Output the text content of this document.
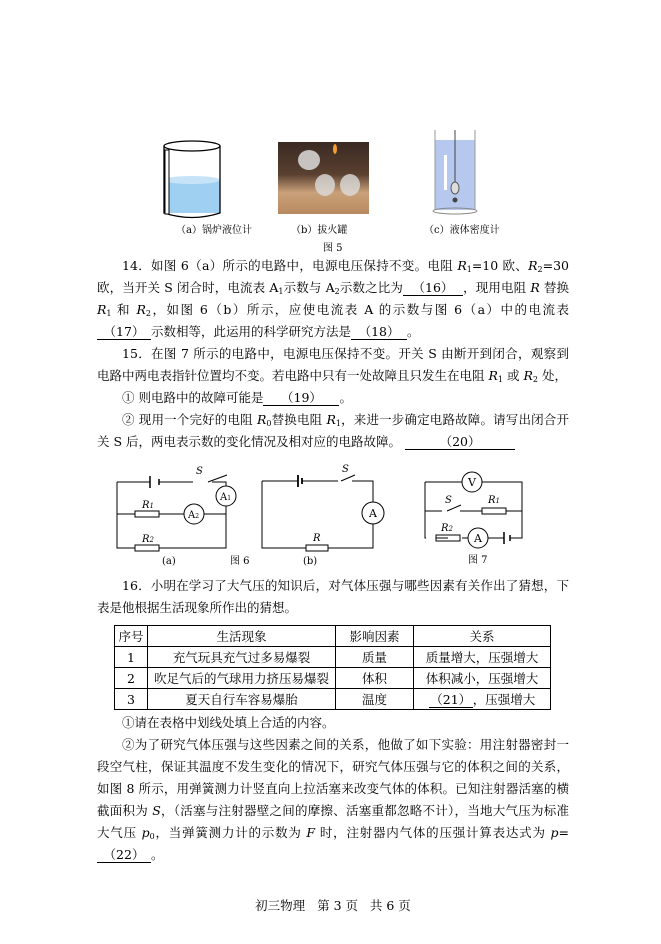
（a）锅炉液位计	（b）拔火罐	（c）液体密度计
图 5

14．如图 6（a）所示的电路中，电源电压保持不变。电阻 $R_1=10$ 欧、$R_2=30$ 欧，当开关 S 闭合时，电流表 $A_1$示数与 $A_2$示数之比为 （16） ，现用电阻 R 替换 $R_1$ 和 $R_2$，如图 6（b）所示，应使电流表 A 的示数与图 6（a）中的电流表（17） 示数相等，此运用的科学研究方法是 （18） 。

15．在图 7 所示的电路中，电源电压保持不变。开关 S 由断开到闭合，观察到电路中两电表指针位置均不变。若电路中只有一处故障且只发生在电阻 $R_1$ 或 $R_2$ 处，

① 则电路中的故障可能是 （19） 。

② 现用一个完好的电阻 $R_0$替换电阻 $R_1$，来进一步确定电路故障。请写出闭合开关 S 后，两电表示数的变化情况及相对应的电路故障。	（20）

S
A1
A2
R1
R2
(a)	图 6
S
A
R
(b)
V
S	R1
R2
A
图 7

16．小明在学习了大气压的知识后，对气体压强与哪些因素有关作出了猜想，下表是他根据生活现象所作出的猜想。

序号	生活现象	影响因素	关系
1	充气玩具充气过多易爆裂	质量	质量增大，压强增大
2	吹足气后的气球用力挤压易爆裂	体积	体积减小，压强增大
3	夏天自行车容易爆胎	温度	（21） ，压强增大

①请在表格中划线处填上合适的内容。

②为了研究气体压强与这些因素之间的关系，他做了如下实验：用注射器密封一段空气柱，保证其温度不发生变化的情况下，研究气体压强与它的体积之间的关系，如图 8 所示，用弹簧测力计竖直向上拉活塞来改变气体的体积。已知注射器活塞的横截面积为 S，（活塞与注射器壁之间的摩擦、活塞重都忽略不计），当地大气压为标准大气压 $p_0$，当弹簧测力计的示数为 F 时，注射器内气体的压强计算表达式为 p=（22） 。

初三物理   第 3 页   共 6 页
